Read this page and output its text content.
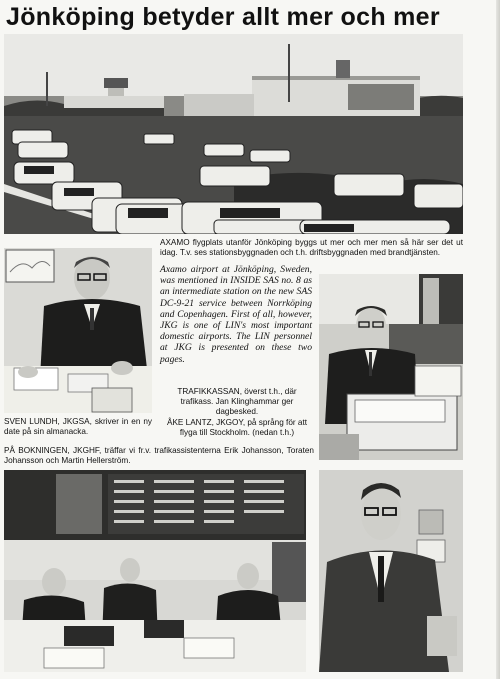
Jönköping betyder allt mer och mer
AXAMO flygplats utanför Jönköping byggs ut mer och mer men så här ser det ut idag. T.v. ses stationsbyggnaden och t.h. driftsbyggnaden med brandtjänsten.
Axamo airport at Jönköping, Sweden, was mentioned in INSIDE SAS no. 8 as an intermediate station on the new SAS DC-9-21 service between Norrköping and Copenhagen. First of all, however, JKG is one of LIN's most important domestic airports. The LIN personnel at JKG is presented on these two pages.
TRAFIKKASSAN, överst t.h., där trafikass. Jan Klinghammar ger dagbesked.
SVEN LUNDH, JKGSA, skriver in en ny date på sin almanacka.
ÅKE LANTZ, JKGOY, på språng för att flyga till Stockholm. (nedan t.h.)
PÅ BOKNINGEN, JKGHF, träffar vi fr.v. trafikassistenterna Erik Johansson, Toraten Johansson och Martin Hellerström.
